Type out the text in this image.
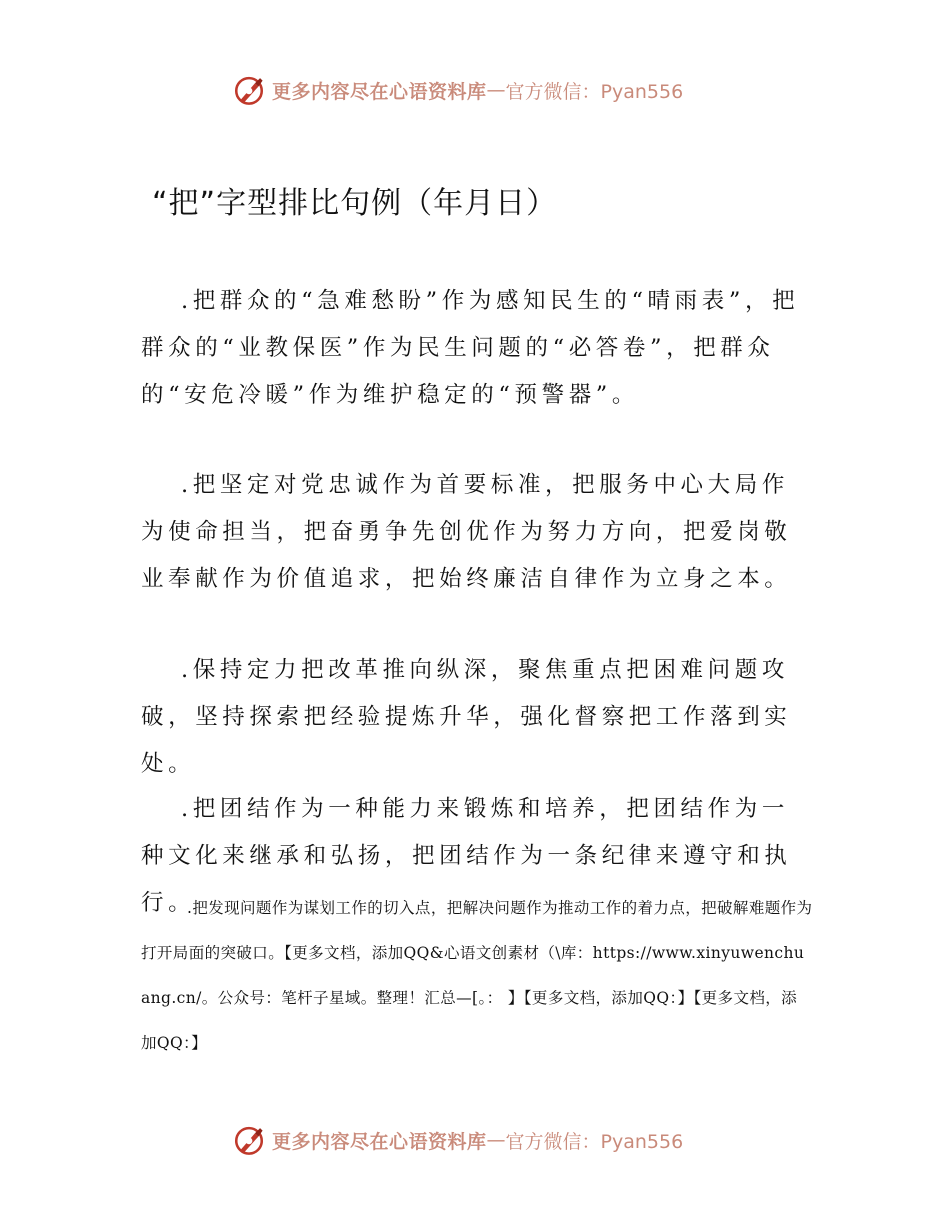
更多内容尽在心语资料库 — 官方微信：Pyan556
“把”字型排比句例（年月日）

.把群众的“急难愁盼”作为感知民生的“晴雨表”，把群众的“业教保医”作为民生问题的“必答卷”，把群众的“安危冷暖”作为维护稳定的“预警器”。

.把坚定对党忠诚作为首要标准，把服务中心大局作为使命担当，把奋勇争先创优作为努力方向，把爱岗敬业奉献作为价值追求，把始终廉洁自律作为立身之本。

.保持定力把改革推向纵深，聚焦重点把困难问题攻破，坚持探索把经验提炼升华，强化督察把工作落到实处。

.把团结作为一种能力来锻炼和培养，把团结作为一种文化来继承和弘扬，把团结作为一条纪律来遵守和执行。

.把发现问题作为谋划工作的切入点，把解决问题作为推动工作的着力点，把破解难题作为打开局面的突破口。【更多文档，添加QQ&心语文创素材（\库：https://www.xinyuwenchuang.cn/。公众号：笔杆子星域。整理！汇总—[。： 】【更多文档，添加QQ：】【更多文档，添 加QQ：】

更多内容尽在心语资料库 — 官方微信：Pyan556
